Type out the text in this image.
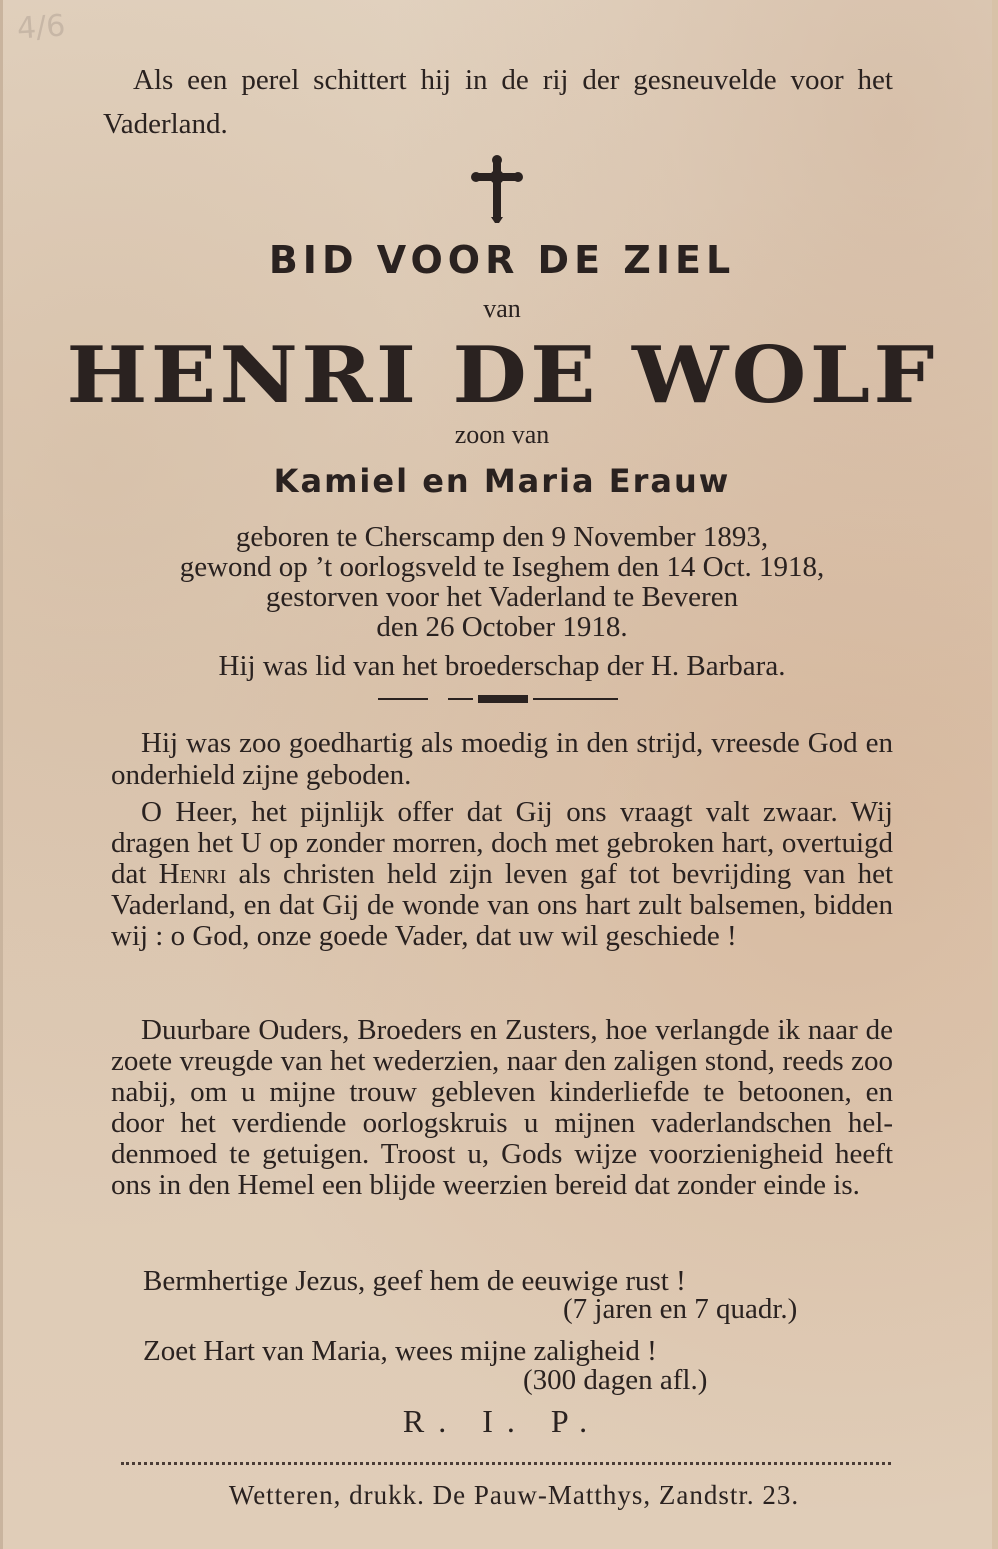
4/6
Als een perel schittert hij in de rij der gesneuvelde voor het Vaderland.
BID VOOR DE ZIEL
van
HENRI DE WOLF
zoon van
Kamiel en Maria Erauw
geboren te Cherscamp den 9 November 1893,
gewond op ’t oorlogsveld te Iseghem den 14 Oct. 1918,
gestorven voor het Vaderland te Beveren
den 26 October 1918.
Hij was lid van het broederschap der H. Barbara.
Hij was zoo goedhartig als moedig in den strijd, vreesde God en onderhield zijne geboden.
O Heer, het pijnlijk offer dat Gij ons vraagt valt zwaar. Wij dragen het U op zonder morren, doch met gebroken hart, overtuigd dat Henri als christen held zijn leven gaf tot bevrijding van het Vaderland, en dat Gij de wonde van ons hart zult balsemen, bidden wij : o God, onze goede Vader, dat uw wil geschiede !
Duurbare Ouders, Broeders en Zusters, hoe verlangde ik naar de zoete vreugde van het wederzien, naar den zaligen stond, reeds zoo nabij, om u mijne trouw gebleven kinderliefde te betoonen, en door het verdiende oorlogskruis u mijnen vaderlandschen heldenmoed te getuigen. Troost u, Gods wijze voorzienigheid heeft ons in den Hemel een blijde weerzien bereid dat zonder einde is.
Bermhertige Jezus, geef hem de eeuwige rust !
(7 jaren en 7 quadr.)
Zoet Hart van Maria, wees mijne zaligheid !
(300 dagen afl.)
R. I. P.
Wetteren, drukk. De Pauw-Matthys, Zandstr. 23.
